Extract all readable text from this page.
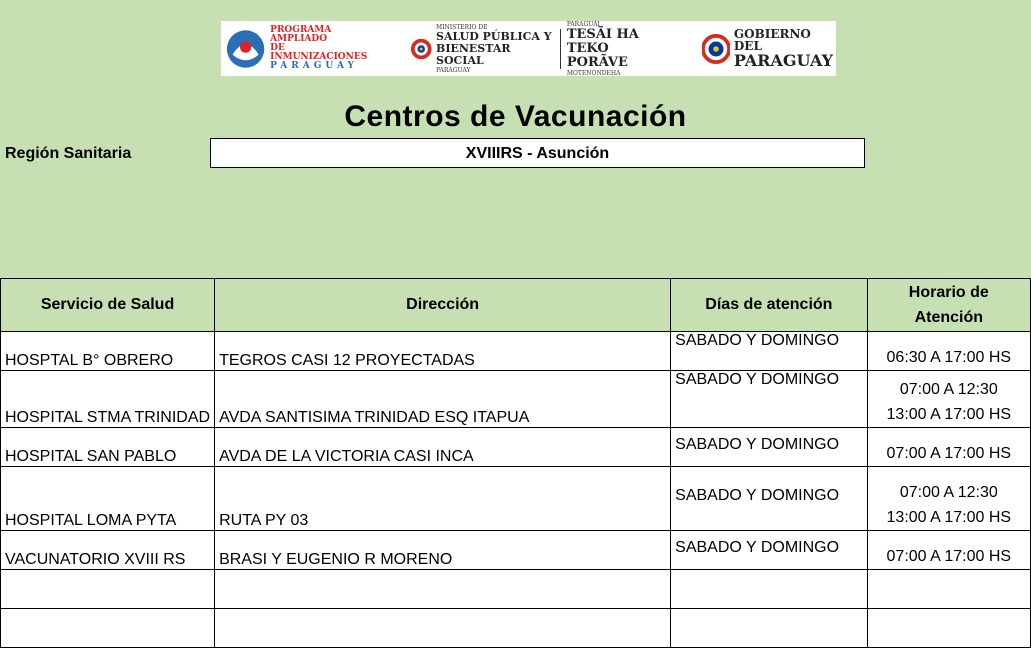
PROGRAMA AMPLIADO
DE INMUNIZACIONES
PARAGUAY
MINISTERIO DE
SALUD PÚBLICA Y
BIENESTAR SOCIAL
PARAGUAY
PARAGUÁI
TESÃI HA TEKO
PORÃVE
MOTENONDEHA
GOBIERNO DEL
PARAGUAY
Centros de Vacunación
Región Sanitaria	XVIIIRS - Asunción
Servicio de Salud	Dirección	Días de atención	Horario de
Atención

HOSPTAL B° OBRERO	TEGROS CASI 12 PROYECTADAS	SABADO Y DOMINGO	06:30 A 17:00 HS

HOSPITAL STMA TRINIDAD	AVDA SANTISIMA TRINIDAD ESQ ITAPUA	SABADO Y DOMINGO	07:00 A 12:30
13:00 A 17:00 HS

HOSPITAL SAN PABLO	AVDA DE LA VICTORIA CASI INCA	SABADO Y DOMINGO	07:00 A 17:00 HS

HOSPITAL LOMA PYTA	RUTA PY 03	SABADO Y DOMINGO	07:00 A 12:30
13:00 A 17:00 HS

VACUNATORIO XVIII RS	BRASI Y EUGENIO R MORENO	SABADO Y DOMINGO	07:00 A 17:00 HS
